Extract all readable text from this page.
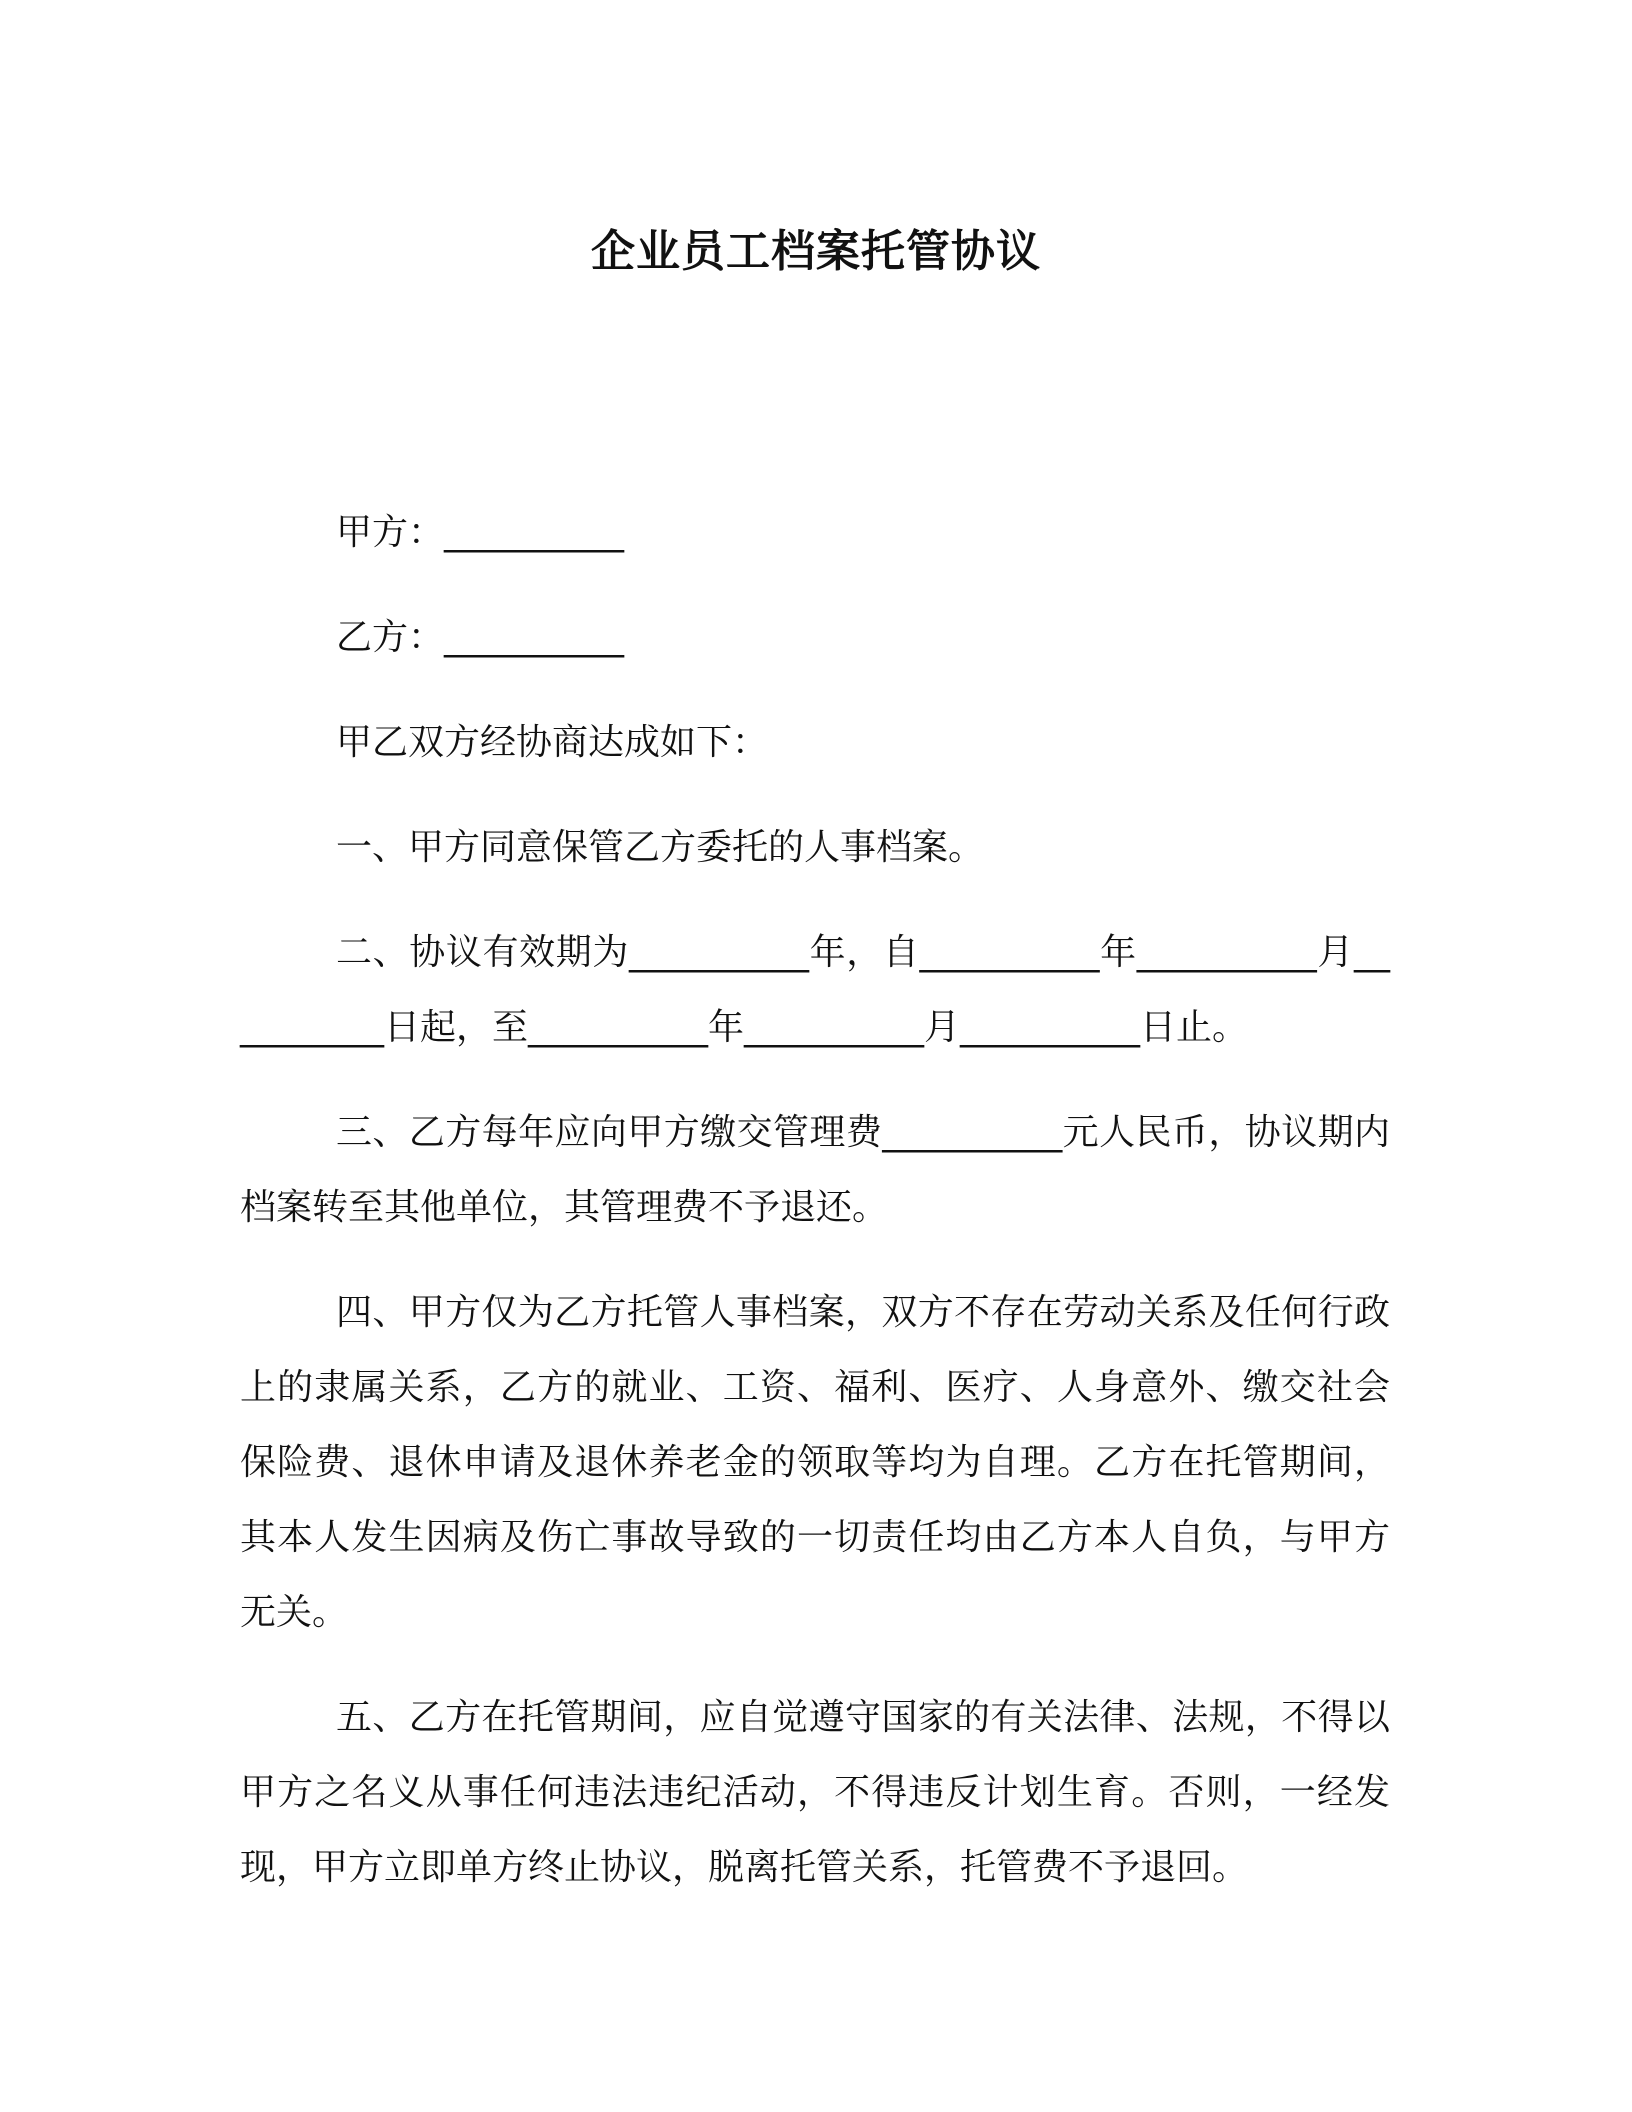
企业员工档案托管协议

甲方：__________

乙方：__________

甲乙双方经协商达成如下：

一、甲方同意保管乙方委托的人事档案。

二、协议有效期为__________年，自__________年__________月__________日起，至__________年__________月__________日止。

三、乙方每年应向甲方缴交管理费__________元人民币，协议期内档案转至其他单位，其管理费不予退还。

四、甲方仅为乙方托管人事档案，双方不存在劳动关系及任何行政上的隶属关系，乙方的就业、工资、福利、医疗、人身意外、缴交社会保险费、退休申请及退休养老金的领取等均为自理。乙方在托管期间，其本人发生因病及伤亡事故导致的一切责任均由乙方本人自负，与甲方无关。

五、乙方在托管期间，应自觉遵守国家的有关法律、法规，不得以甲方之名义从事任何违法违纪活动，不得违反计划生育。否则，一经发现，甲方立即单方终止协议，脱离托管关系，托管费不予退回。
